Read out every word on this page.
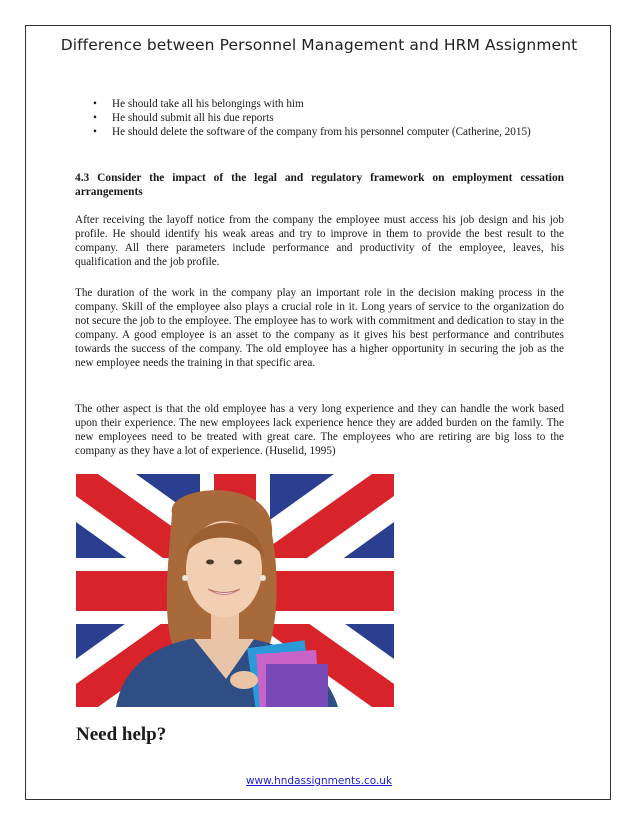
Difference between Personnel Management and HRM Assignment
• He should take all his belongings with him
• He should submit all his due reports
• He should delete the software of the company from his personnel computer (Catherine, 2015)
4.3 Consider the impact of the legal and regulatory framework on employment cessation arrangements

After receiving the layoff notice from the company the employee must access his job design and his job profile. He should identify his weak areas and try to improve in them to provide the best result to the company. All there parameters include performance and productivity of the employee, leaves, his qualification and the job profile.

The duration of the work in the company play an important role in the decision making process in the company. Skill of the employee also plays a crucial role in it. Long years of service to the organization do not secure the job to the employee. The employee has to work with commitment and dedication to stay in the company. A good employee is an asset to the company as it gives his best performance and contributes towards the success of the company. The old employee has a higher opportunity in securing the job as the new employee needs the training in that specific area.

The other aspect is that the old employee has a very long experience and they can handle the work based upon their experience. The new employees lack experience hence they are added burden on the family. The new employees need to be treated with great care. The employees who are retiring are big loss to the company as they have a lot of experience. (Huselid, 1995)

Need help?
www.hndassignments.co.uk
